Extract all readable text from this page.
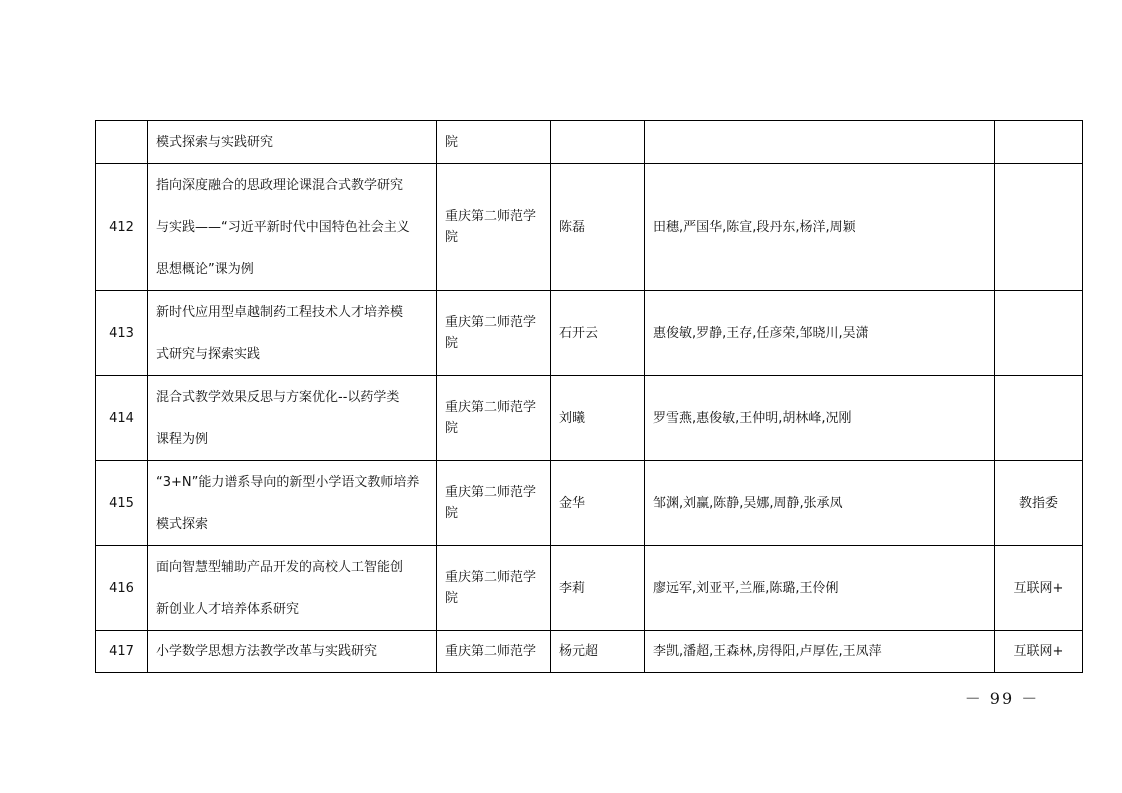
	模式探索与实践研究	院			

412	指向深度融合的思政理论课混合式教学研究
与实践——“习近平新时代中国特色社会主义
思想概论”课为例	重庆第二师范学
院	陈磊	田穗,严国华,陈宣,段丹东,杨洋,周颖	
413	新时代应用型卓越制药工程技术人才培养模
式研究与探索实践	重庆第二师范学
院	石开云	惠俊敏,罗静,王存,任彦荣,邹晓川,吴潇	
414	混合式教学效果反思与方案优化--以药学类
课程为例	重庆第二师范学
院	刘曦	罗雪燕,惠俊敏,王仲明,胡林峰,况刚	
415	“3+N”能力谱系导向的新型小学语文教师培养
模式探索	重庆第二师范学
院	金华	邹渊,刘赢,陈静,吴娜,周静,张承凤	教指委
416	面向智慧型辅助产品开发的高校人工智能创
新创业人才培养体系研究	重庆第二师范学
院	李莉	廖远军,刘亚平,兰雁,陈璐,王伶俐	互联网+
417	小学数学思想方法教学改革与实践研究	重庆第二师范学	杨元超	李凯,潘超,王森林,房得阳,卢厚佐,王凤萍	互联网+
－ 99 －
